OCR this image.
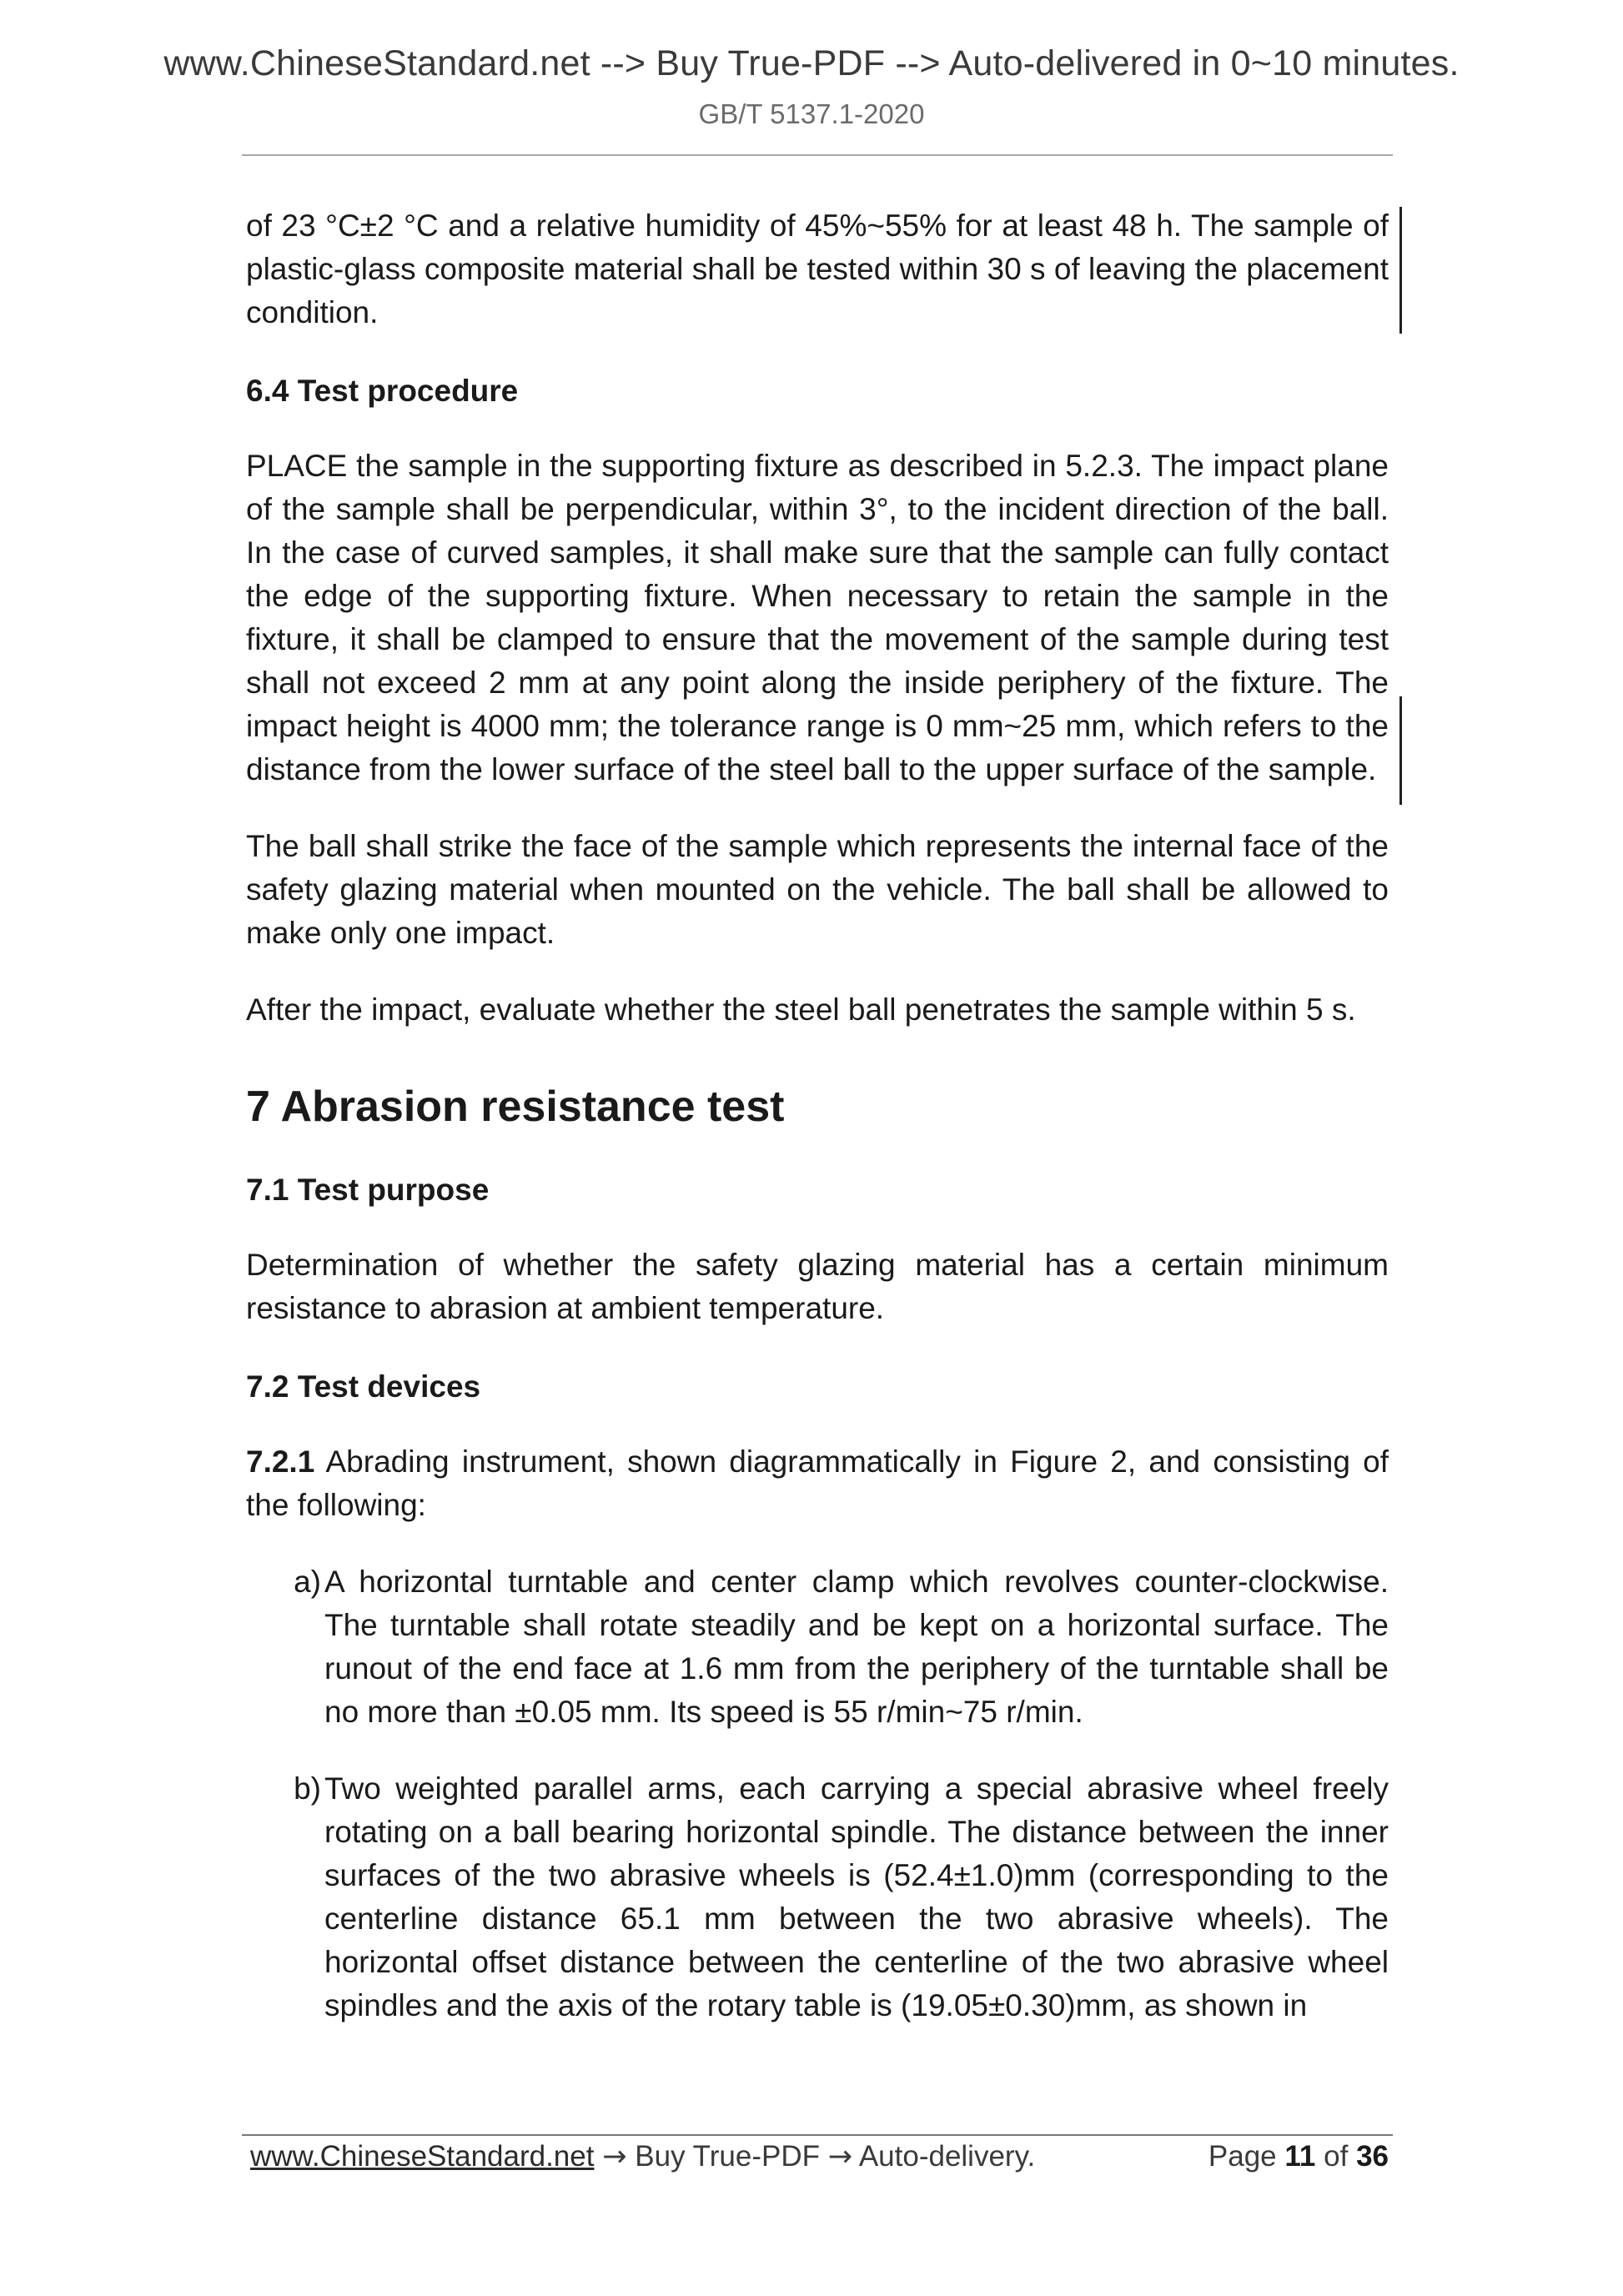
www.ChineseStandard.net --> Buy True-PDF --> Auto-delivered in 0~10 minutes.
GB/T 5137.1-2020

of 23 °C±2 °C and a relative humidity of 45%~55% for at least 48 h. The sample of plastic-glass composite material shall be tested within 30 s of leaving the placement condition.

6.4 Test procedure

PLACE the sample in the supporting fixture as described in 5.2.3. The impact plane of the sample shall be perpendicular, within 3°, to the incident direction of the ball. In the case of curved samples, it shall make sure that the sample can fully contact the edge of the supporting fixture. When necessary to retain the sample in the fixture, it shall be clamped to ensure that the movement of the sample during test shall not exceed 2 mm at any point along the inside periphery of the fixture. The impact height is 4000 mm; the tolerance range is 0 mm~25 mm, which refers to the distance from the lower surface of the steel ball to the upper surface of the sample.

The ball shall strike the face of the sample which represents the internal face of the safety glazing material when mounted on the vehicle. The ball shall be allowed to make only one impact.

After the impact, evaluate whether the steel ball penetrates the sample within 5 s.

7 Abrasion resistance test
7.1 Test purpose

Determination of whether the safety glazing material has a certain minimum resistance to abrasion at ambient temperature.

7.2 Test devices

7.2.1 Abrading instrument, shown diagrammatically in Figure 2, and consisting of the following:

a) A horizontal turntable and center clamp which revolves counter-clockwise. The turntable shall rotate steadily and be kept on a horizontal surface. The runout of the end face at 1.6 mm from the periphery of the turntable shall be no more than ±0.05 mm. Its speed is 55 r/min~75 r/min.
b) Two weighted parallel arms, each carrying a special abrasive wheel freely rotating on a ball bearing horizontal spindle. The distance between the inner surfaces of the two abrasive wheels is (52.4±1.0)mm (corresponding to the centerline distance 65.1 mm between the two abrasive wheels). The horizontal offset distance between the centerline of the two abrasive wheel spindles and the axis of the rotary table is (19.05±0.30)mm, as shown in
www.ChineseStandard.net → Buy True-PDF → Auto-delivery.	Page 11 of 36
